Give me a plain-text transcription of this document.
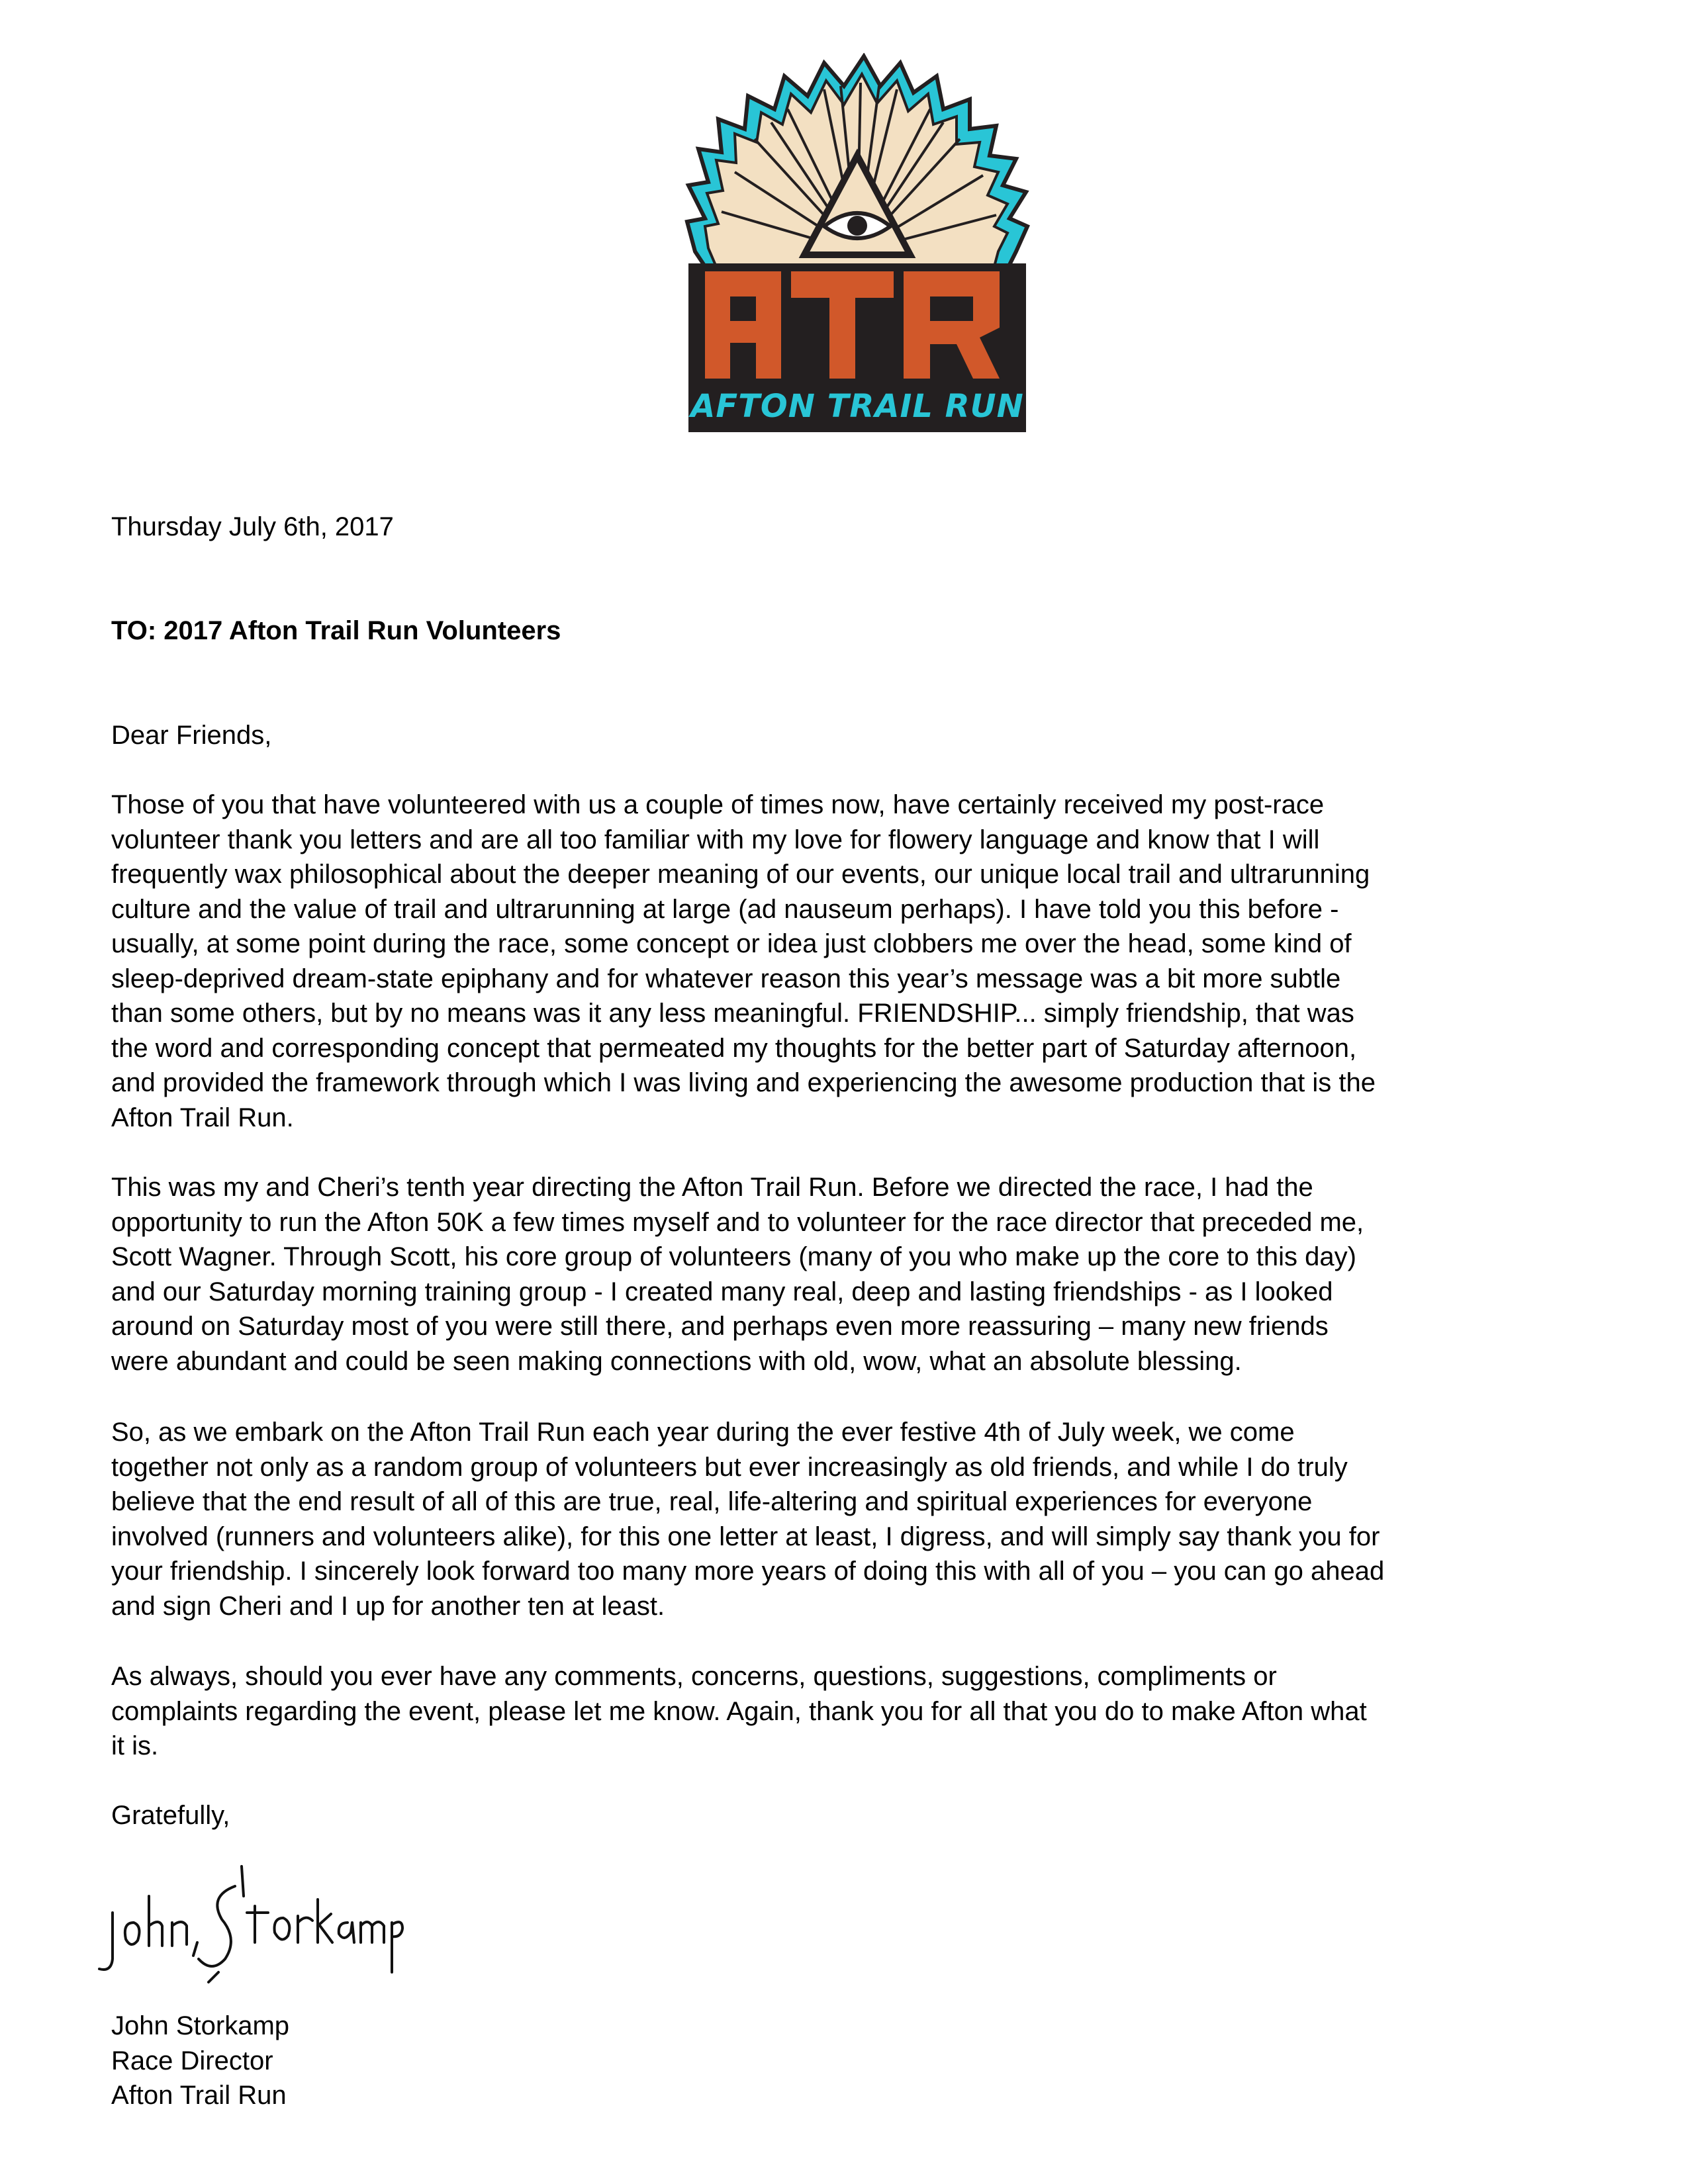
AFTON TRAIL RUN
Thursday July 6th, 2017
TO: 2017 Afton Trail Run Volunteers
Dear Friends,
Those of you that have volunteered with us a couple of times now, have certainly received my post-race
volunteer thank you letters and are all too familiar with my love for flowery language and know that I will
frequently wax philosophical about the deeper meaning of our events, our unique local trail and ultrarunning
culture and the value of trail and ultrarunning at large (ad nauseum perhaps). I have told you this before -
usually, at some point during the race, some concept or idea just clobbers me over the head, some kind of
sleep-deprived dream-state epiphany and for whatever reason this year’s message was a bit more subtle
than some others, but by no means was it any less meaningful. FRIENDSHIP... simply friendship, that was
the word and corresponding concept that permeated my thoughts for the better part of Saturday afternoon,
and provided the framework through which I was living and experiencing the awesome production that is the
Afton Trail Run.
This was my and Cheri’s tenth year directing the Afton Trail Run. Before we directed the race, I had the
opportunity to run the Afton 50K a few times myself and to volunteer for the race director that preceded me,
Scott Wagner. Through Scott, his core group of volunteers (many of you who make up the core to this day)
and our Saturday morning training group - I created many real, deep and lasting friendships - as I looked
around on Saturday most of you were still there, and perhaps even more reassuring – many new friends
were abundant and could be seen making connections with old, wow, what an absolute blessing.
So, as we embark on the Afton Trail Run each year during the ever festive 4th of July week, we come
together not only as a random group of volunteers but ever increasingly as old friends, and while I do truly
believe that the end result of all of this are true, real, life-altering and spiritual experiences for everyone
involved (runners and volunteers alike), for this one letter at least, I digress, and will simply say thank you for
your friendship. I sincerely look forward too many more years of doing this with all of you – you can go ahead
and sign Cheri and I up for another ten at least.
As always, should you ever have any comments, concerns, questions, suggestions, compliments or
complaints regarding the event, please let me know. Again, thank you for all that you do to make Afton what
it is.
Gratefully,
John Storkamp
Race Director
Afton Trail Run
